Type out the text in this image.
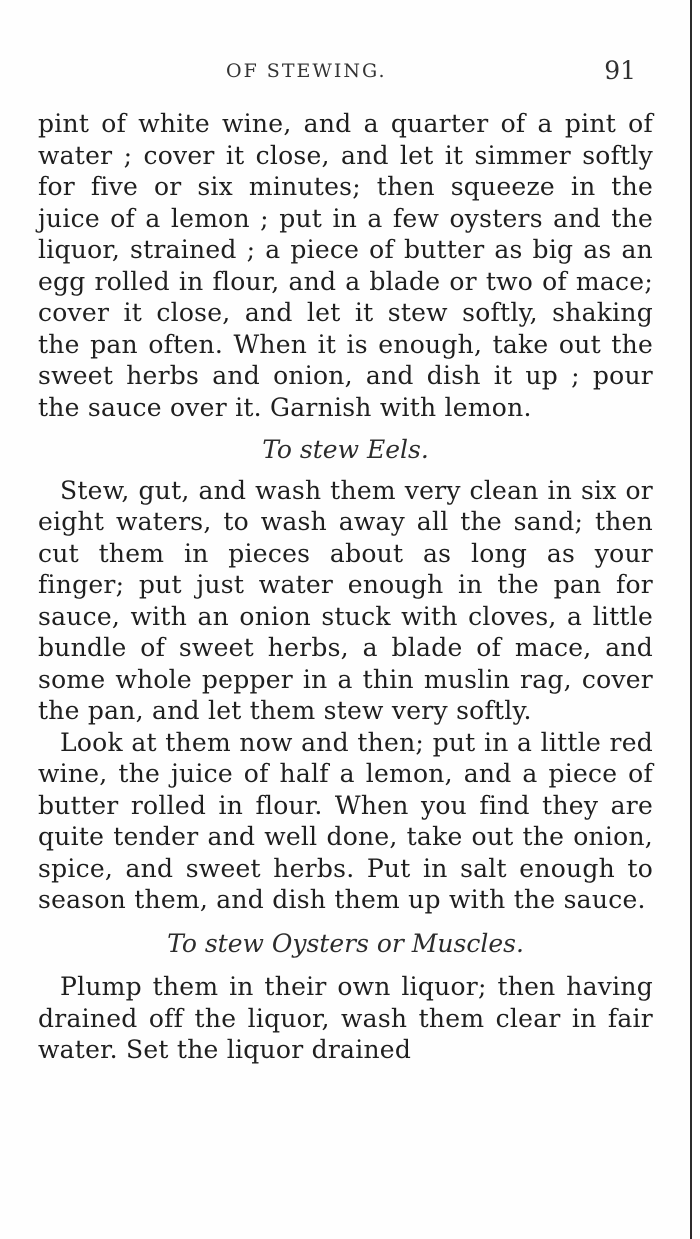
OF STEWING.	91

pint of white wine, and a quarter of a pint of water ; cover it close, and let it simmer softly for five or six minutes; then squeeze in the juice of a lemon ; put in a few oysters and the liquor, strained ; a piece of butter as big as an egg rolled in flour, and a blade or two of mace; cover it close, and let it stew softly, shaking the pan often. When it is enough, take out the sweet herbs and onion, and dish it up ; pour the sauce over it. Garnish with lemon.

To stew Eels.

Stew, gut, and wash them very clean in six or eight waters, to wash away all the sand; then cut them in pieces about as long as your finger; put just water enough in the pan for sauce, with an onion stuck with cloves, a little bundle of sweet herbs, a blade of mace, and some whole pepper in a thin muslin rag, cover the pan, and let them stew very softly.

Look at them now and then; put in a little red wine, the juice of half a lemon, and a piece of butter rolled in flour. When you find they are quite tender and well done, take out the onion, spice, and sweet herbs. Put in salt enough to season them, and dish them up with the sauce.

To stew Oysters or Muscles.

Plump them in their own liquor; then having drained off the liquor, wash them clear in fair water. Set the liquor drained
